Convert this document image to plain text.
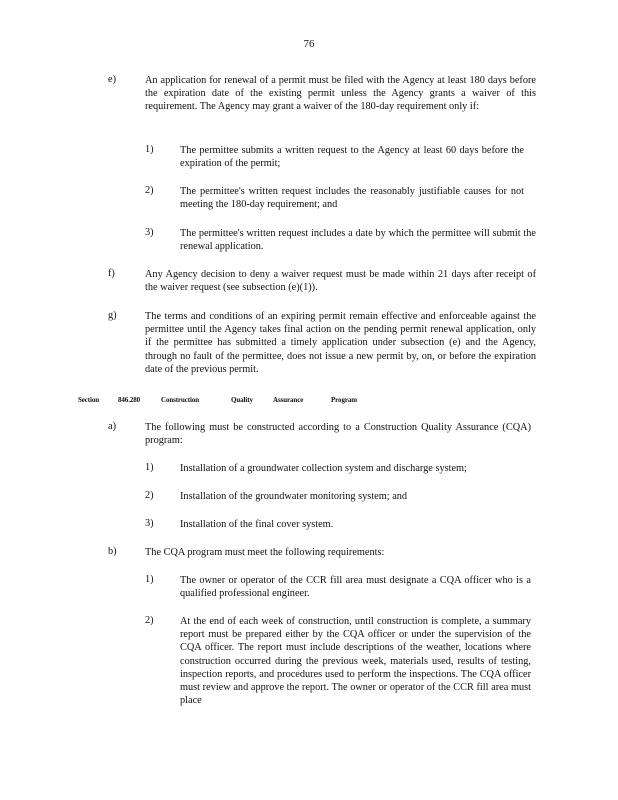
76
e)	An application for renewal of a permit must be filed with the Agency at least 180 days before the expiration date of the existing permit unless the Agency grants a waiver of this requirement. The Agency may grant a waiver of the 180-day requirement only if:
1)	The permittee submits a written request to the Agency at least 60 days before the expiration of the permit;
2)	The permittee's written request includes the reasonably justifiable causes for not meeting the 180-day requirement; and
3)	The permittee's written request includes a date by which the permittee will submit the renewal application.
f)	Any Agency decision to deny a waiver request must be made within 21 days after receipt of the waiver request (see subsection (e)(1)).
g)	The terms and conditions of an expiring permit remain effective and enforceable against the permittee until the Agency takes final action on the pending permit renewal application, only if the permittee has submitted a timely application under subsection (e) and the Agency, through no fault of the permittee, does not issue a new permit by, on, or before the expiration date of the previous permit.
Section	846.280	Construction	Quality	Assurance	Program
a)	The following must be constructed according to a Construction Quality Assurance (CQA) program:
1)	Installation of a groundwater collection system and discharge system;
2)	Installation of the groundwater monitoring system; and
3)	Installation of the final cover system.
b)	The CQA program must meet the following requirements:
1)	The owner or operator of the CCR fill area must designate a CQA officer who is a qualified professional engineer.
2)	At the end of each week of construction, until construction is complete, a summary report must be prepared either by the CQA officer or under the supervision of the CQA officer. The report must include descriptions of the weather, locations where construction occurred during the previous week, materials used, results of testing, inspection reports, and procedures used to perform the inspections. The CQA officer must review and approve the report. The owner or operator of the CCR fill area must place
